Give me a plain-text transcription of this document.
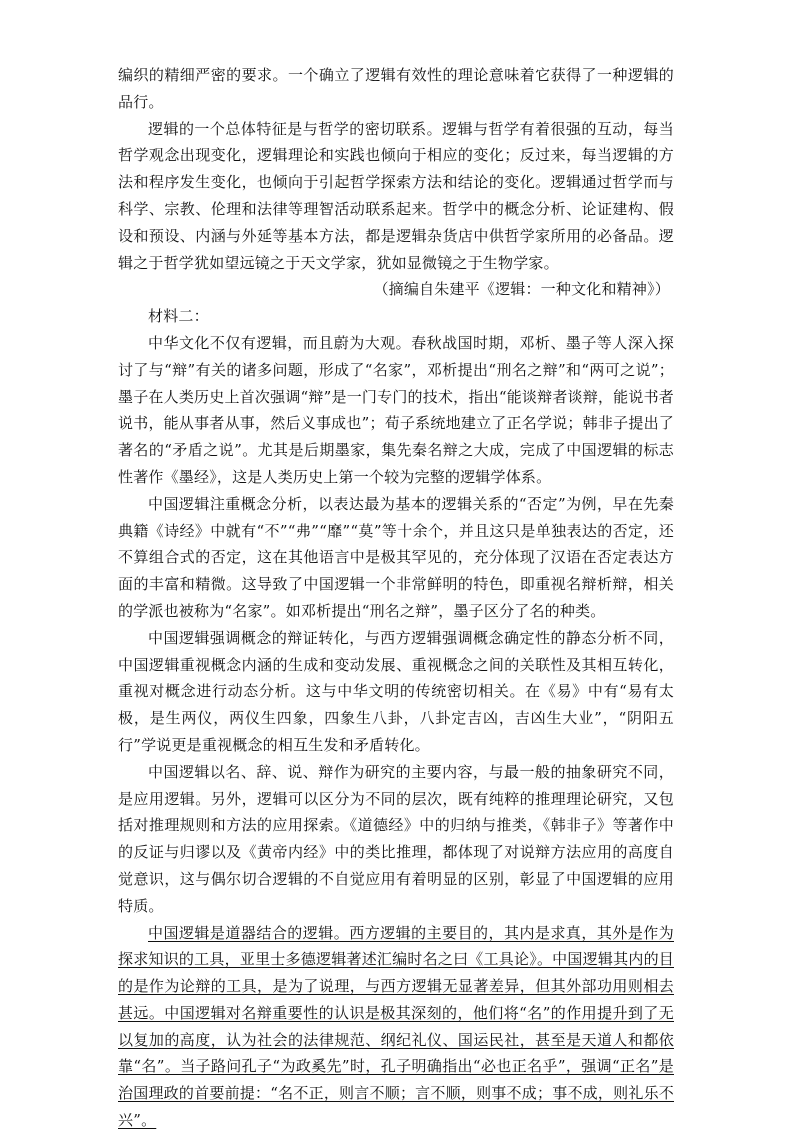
编织的精细严密的要求。一个确立了逻辑有效性的理论意味着它获得了一种逻辑的品行。

逻辑的一个总体特征是与哲学的密切联系。逻辑与哲学有着很强的互动，每当哲学观念出现变化，逻辑理论和实践也倾向于相应的变化；反过来，每当逻辑的方法和程序发生变化，也倾向于引起哲学探索方法和结论的变化。逻辑通过哲学而与科学、宗教、伦理和法律等理智活动联系起来。哲学中的概念分析、论证建构、假设和预设、内涵与外延等基本方法，都是逻辑杂货店中供哲学家所用的必备品。逻辑之于哲学犹如望远镜之于天文学家，犹如显微镜之于生物学家。

（摘编自朱建平《逻辑：一种文化和精神》）

材料二：

中华文化不仅有逻辑，而且蔚为大观。春秋战国时期，邓析、墨子等人深入探讨了与“辩”有关的诸多问题，形成了“名家”，邓析提出“刑名之辩”和“两可之说”；墨子在人类历史上首次强调“辩”是一门专门的技术，指出“能谈辩者谈辩，能说书者说书，能从事者从事，然后义事成也”；荀子系统地建立了正名学说；韩非子提出了著名的“矛盾之说”。尤其是后期墨家，集先秦名辩之大成，完成了中国逻辑的标志性著作《墨经》，这是人类历史上第一个较为完整的逻辑学体系。

中国逻辑注重概念分析，以表达最为基本的逻辑关系的“否定”为例，早在先秦典籍《诗经》中就有“不”“弗”“靡”“莫”等十余个，并且这只是单独表达的否定，还不算组合式的否定，这在其他语言中是极其罕见的，充分体现了汉语在否定表达方面的丰富和精微。这导致了中国逻辑一个非常鲜明的特色，即重视名辩析辩，相关的学派也被称为“名家”。如邓析提出“刑名之辩”，墨子区分了名的种类。

中国逻辑强调概念的辩证转化，与西方逻辑强调概念确定性的静态分析不同，中国逻辑重视概念内涵的生成和变动发展、重视概念之间的关联性及其相互转化，重视对概念进行动态分析。这与中华文明的传统密切相关。在《易》中有“易有太极，是生两仪，两仪生四象，四象生八卦，八卦定吉凶，吉凶生大业”，“阴阳五行”学说更是重视概念的相互生发和矛盾转化。

中国逻辑以名、辞、说、辩作为研究的主要内容，与最一般的抽象研究不同，是应用逻辑。另外，逻辑可以区分为不同的层次，既有纯粹的推理理论研究，又包括对推理规则和方法的应用探索。《道德经》中的归纳与推类，《韩非子》等著作中的反证与归谬以及《黄帝内经》中的类比推理，都体现了对说辩方法应用的高度自觉意识，这与偶尔切合逻辑的不自觉应用有着明显的区别，彰显了中国逻辑的应用特质。

中国逻辑是道器结合的逻辑。西方逻辑的主要目的，其内是求真，其外是作为探求知识的工具，亚里士多德逻辑著述汇编时名之曰《工具论》。中国逻辑其内的目的是作为论辩的工具，是为了说理，与西方逻辑无显著差异，但其外部功用则相去甚远。中国逻辑对名辩重要性的认识是极其深刻的，他们将“名”的作用提升到了无以复加的高度，认为社会的法律规范、纲纪礼仪、国运民社，甚至是天道人和都依靠“名”。当子路问孔子“为政奚先”时，孔子明确指出“必也正名乎”，强调“正名”是治国理政的首要前提：“名不正，则言不顺；言不顺，则事不成；事不成，则礼乐不兴”。
